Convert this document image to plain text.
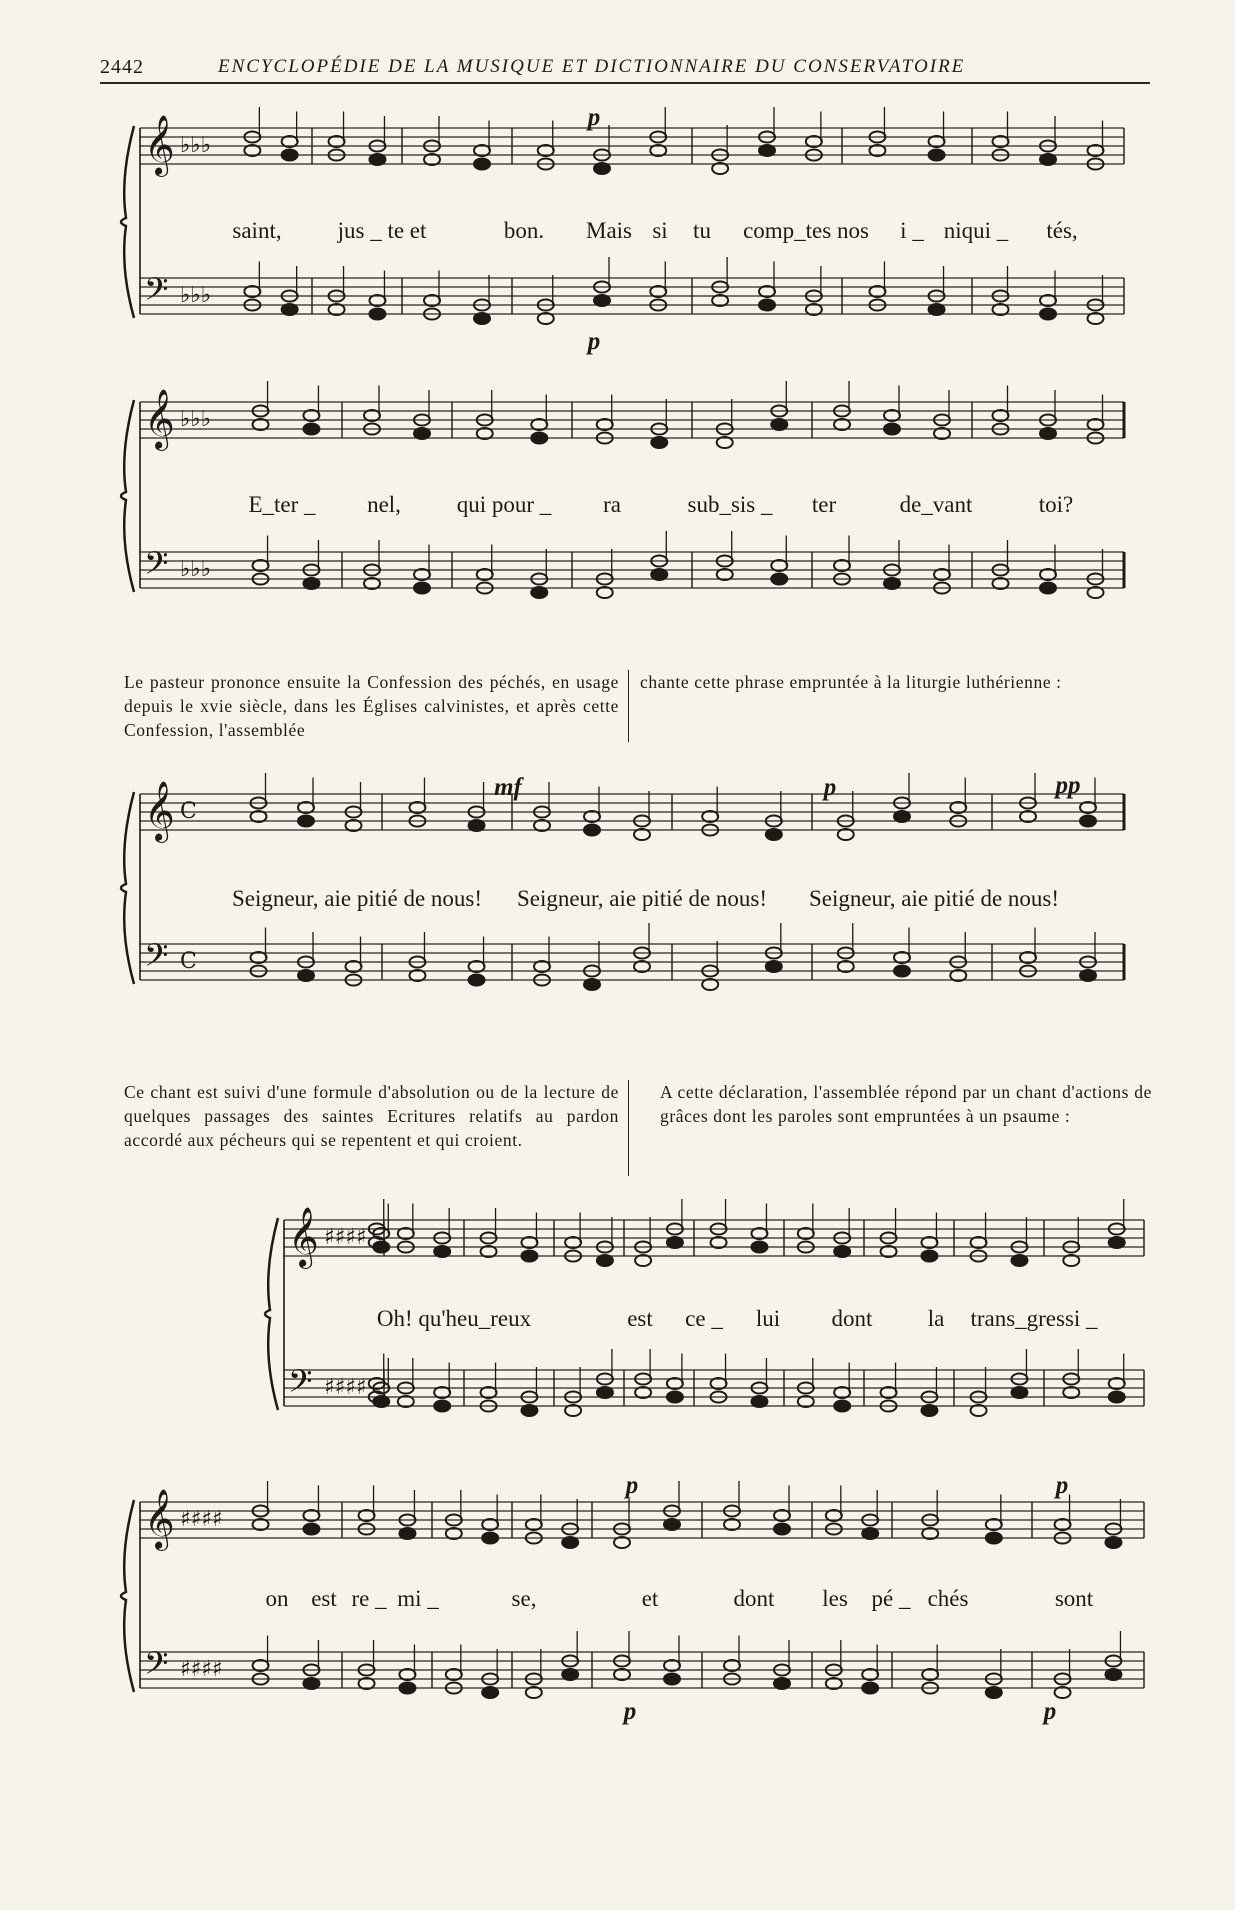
2442	ENCYCLOPÉDIE DE LA MUSIQUE ET DICTIONNAIRE DU CONSERVATOIRE
𝄞 ♭♭♭
𝄢 ♭♭♭
saint, jus _ te et	bon. Mais si tu comp_tes nos i _ niqui _ tés,
p
p
𝄞 ♭♭♭
𝄢 ♭♭♭
E_ter _ nel, qui pour _ ra	sub_sis _ ter	de_vant	toi?
Le pasteur prononce ensuite la Confession des péchés, en usage depuis le xvie siècle, dans les Églises calvinistes, et après cette Confession, l'assemblée
chante cette phrase empruntée à la liturgie luthérienne :
𝄞 C
𝄢 C
Seigneur, aie pitié de nous! Seigneur, aie pitié de nous! Seigneur, aie pitié de nous!
mf	p	pp
Ce chant est suivi d'une formule d'absolution ou de la lecture de quelques passages des saintes Ecritures relatifs au pardon accordé aux pécheurs qui se repentent et qui croient.
A cette déclaration, l'assemblée répond par un chant d'actions de grâces dont les paroles sont empruntées à un psaume :
𝄞 ♯♯♯♯
𝄢 ♯♯♯♯
Oh! qu'heu_reux	est ce _ lui dont la trans_gressi _
𝄞 ♯♯♯♯
𝄢 ♯♯♯♯
on est re _ mi _	se,	et	dont les pé _ chés	sont
p	p
p	p
